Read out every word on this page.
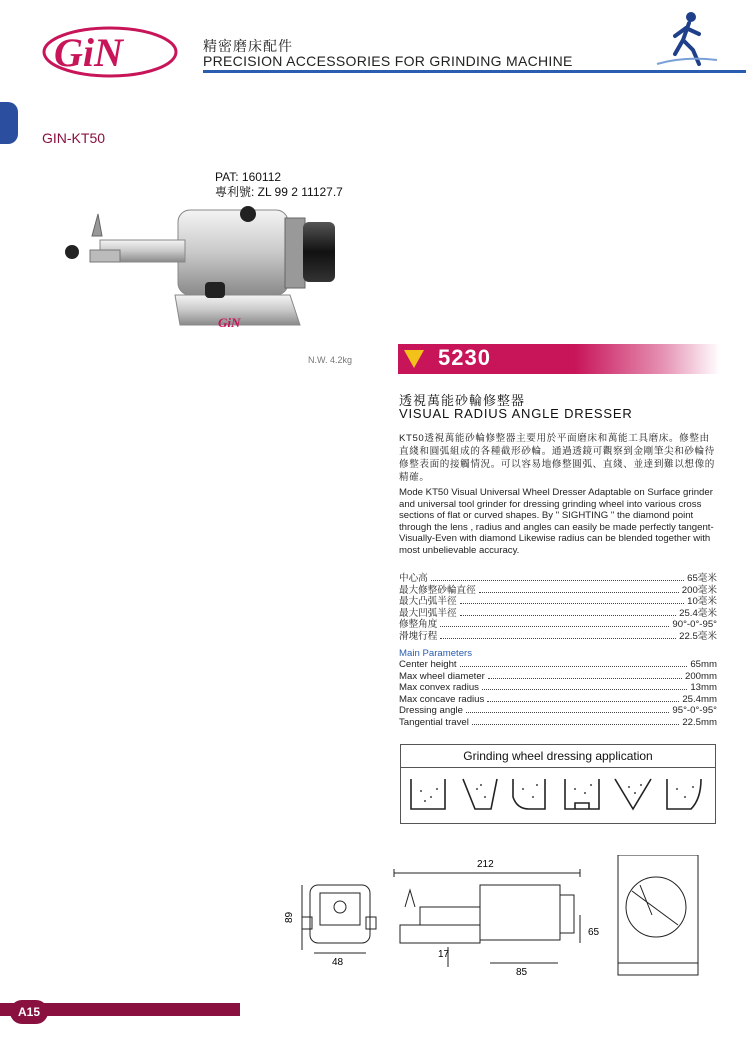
GiN	精密磨床配件
PRECISION ACCESSORIES FOR GRINDING MACHINE
GIN-KT50
PAT: 160112
專利號: ZL 99 2 11127.7
GiN
N.W. 4.2kg	5230
透視萬能砂輪修整器
VISUAL RADIUS ANGLE DRESSER
KT50透視萬能砂輪修整器主要用於平面磨床和萬能工具磨床。修整由直綫和圓弧組成的各種截形砂輪。通過透鏡可觀察到金剛筆尖和砂輪待修整表面的接觸情況。可以容易地修整圓弧、直綫、並達到難以想像的精確。
Mode KT50 Visual Universal Wheel Dresser Adaptable on Surface grinder and universal tool grinder for dressing grinding wheel into various cross sections of flat or curved shapes. By " SIGHTING " the diamond point through the lens , radius and angles can easily be made perfectly tangent-Visually-Even with diamond Likewise radius can be blended together with most unbelievable accuracy.
中心高	65毫米
最大修整砂輪直徑	200毫米
最大凸弧半徑	10毫米
最大凹弧半徑	25.4毫米
修整角度	90°-0°-95°
滑塊行程	22.5毫米
Main Parameters
Center height	65mm
Max wheel diameter	200mm
Max convex radius	13mm
Max concave radius	25.4mm
Dressing angle	95°-0°-95°
Tangential travel	22.5mm
Grinding wheel dressing application
89
48
212
65
17
85
A15
